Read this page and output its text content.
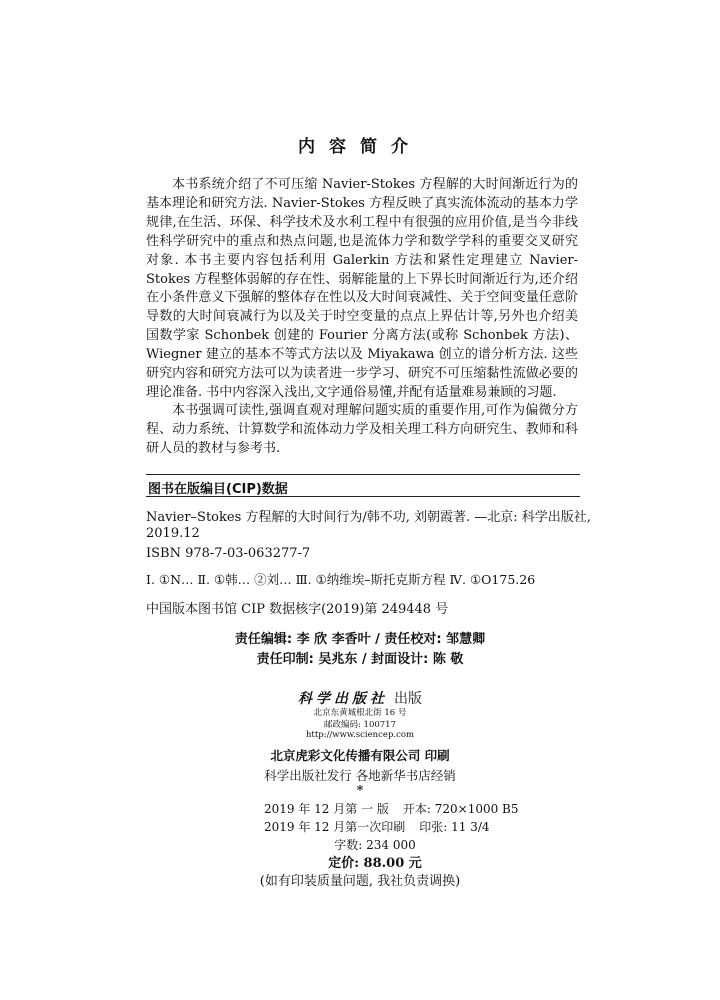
内容简介

本书系统介绍了不可压缩 Navier-Stokes 方程解的大时间渐近行为的基本理论和研究方法. Navier-Stokes 方程反映了真实流体流动的基本力学规律,在生活、环保、科学技术及水利工程中有很强的应用价值,是当今非线性科学研究中的重点和热点问题,也是流体力学和数学学科的重要交叉研究对象. 本书主要内容包括利用 Galerkin 方法和紧性定理建立 Navier-Stokes 方程整体弱解的存在性、弱解能量的上下界长时间渐近行为,还介绍在小条件意义下强解的整体存在性以及大时间衰减性、关于空间变量任意阶导数的大时间衰减行为以及关于时空变量的点点上界估计等,另外也介绍美国数学家 Schonbek 创建的 Fourier 分离方法(或称 Schonbek 方法)、Wiegner 建立的基本不等式方法以及 Miyakawa 创立的谱分析方法. 这些研究内容和研究方法可以为读者进一步学习、研究不可压缩黏性流做必要的理论准备. 书中内容深入浅出,文字通俗易懂,并配有适量难易兼顾的习题.

本书强调可读性,强调直观对理解问题实质的重要作用,可作为偏微分方程、动力系统、计算数学和流体动力学及相关理工科方向研究生、教师和科研人员的教材与参考书.

图书在版编目(CIP)数据
Navier–Stokes 方程解的大时间行为/韩不功, 刘朝霞著. —北京: 科学出版社,
2019.12
ISBN 978-7-03-063277-7
Ⅰ. ①N… Ⅱ. ①韩… ②刘… Ⅲ. ①纳维埃–斯托克斯方程 Ⅳ. ①O175.26
中国版本图书馆 CIP 数据核字(2019)第 249448 号
责任编辑: 李 欣 李香叶 / 责任校对: 邹慧卿
责任印制: 吴兆东 / 封面设计: 陈 敬
科学出版社 出版
北京东黄城根北街 16 号
邮政编码: 100717
http://www.sciencep.com
北京虎彩文化传播有限公司 印刷
科学出版社发行 各地新华书店经销
*
2019 年 12 月第 一 版 开本: 720×1000 B5
2019 年 12 月第一次印刷 印张: 11 3/4
字数: 234 000
定价: 88.00 元
(如有印装质量问题, 我社负责调换)
